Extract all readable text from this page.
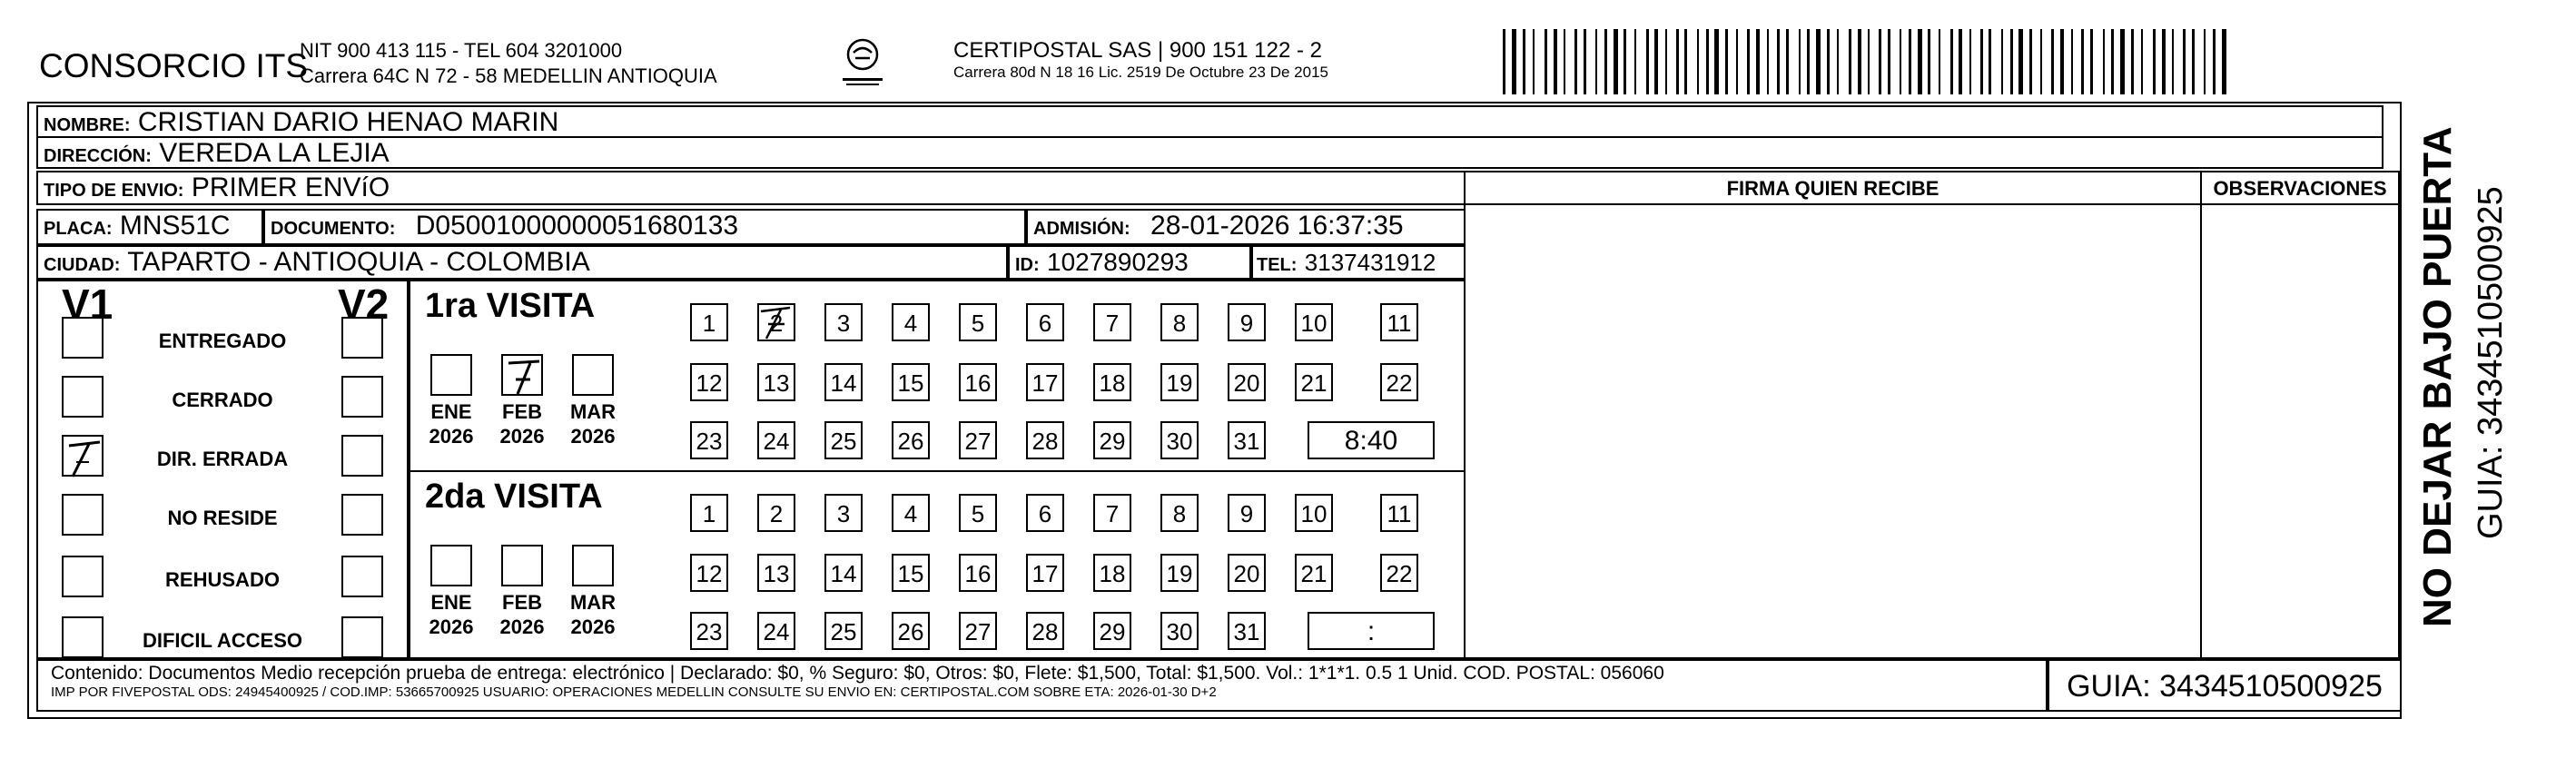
CONSORCIO ITS
NIT 900 413 115 - TEL 604 3201000
Carrera 64C N 72 - 58 MEDELLIN ANTIOQUIA
CERTIPOSTAL SAS | 900 151 122 - 2
Carrera 80d N 18 16 Lic. 2519 De Octubre 23 De 2015
NOMBRE: CRISTIAN DARIO HENAO MARIN
DIRECCIÓN: VEREDA LA LEJIA
TIPO DE ENVIO: PRIMER ENVíO
PLACA: MNS51C	DOCUMENTO: D05001000000051680133	ADMISIÓN: 28-01-2026 16:37:35
CIUDAD: TAPARTO - ANTIOQUIA - COLOMBIA	ID: 1027890293	TEL: 3137431912
FIRMA QUIEN RECIBE	OBSERVACIONES
V1	V2
ENTREGADO
CERRADO
DIR. ERRADA
NO RESIDE
REHUSADO
DIFICIL ACCESO
1ra VISITA
2da VISITA
1	2	3	4	5	6	7	8	9	10	11
12 13 14 15 16 17 18 19 20 21	22
23 24 25 26 27 28 29 30 31	8:40
ENE
2026
FEB
2026
MAR
2026
1	2	3	4	5	6	7	8	9	10	11
12 13 14 15 16 17 18 19 20 21	22
23 24 25 26 27 28 29 30 31	:
ENE
2026
FEB
2026
MAR
2026
Contenido: Documentos Medio recepción prueba de entrega: electrónico | Declarado: $0, % Seguro: $0, Otros: $0, Flete: $1,500, Total: $1,500. Vol.: 1*1*1. 0.5 1 Unid. COD. POSTAL: 056060
IMP POR FIVEPOSTAL ODS: 24945400925 / COD.IMP: 53665700925 USUARIO: OPERACIONES MEDELLIN CONSULTE SU ENVIO EN: CERTIPOSTAL.COM SOBRE ETA: 2026-01-30 D+2	GUIA: 3434510500925
NO DEJAR BAJO PUERTA GUIA: 3434510500925
